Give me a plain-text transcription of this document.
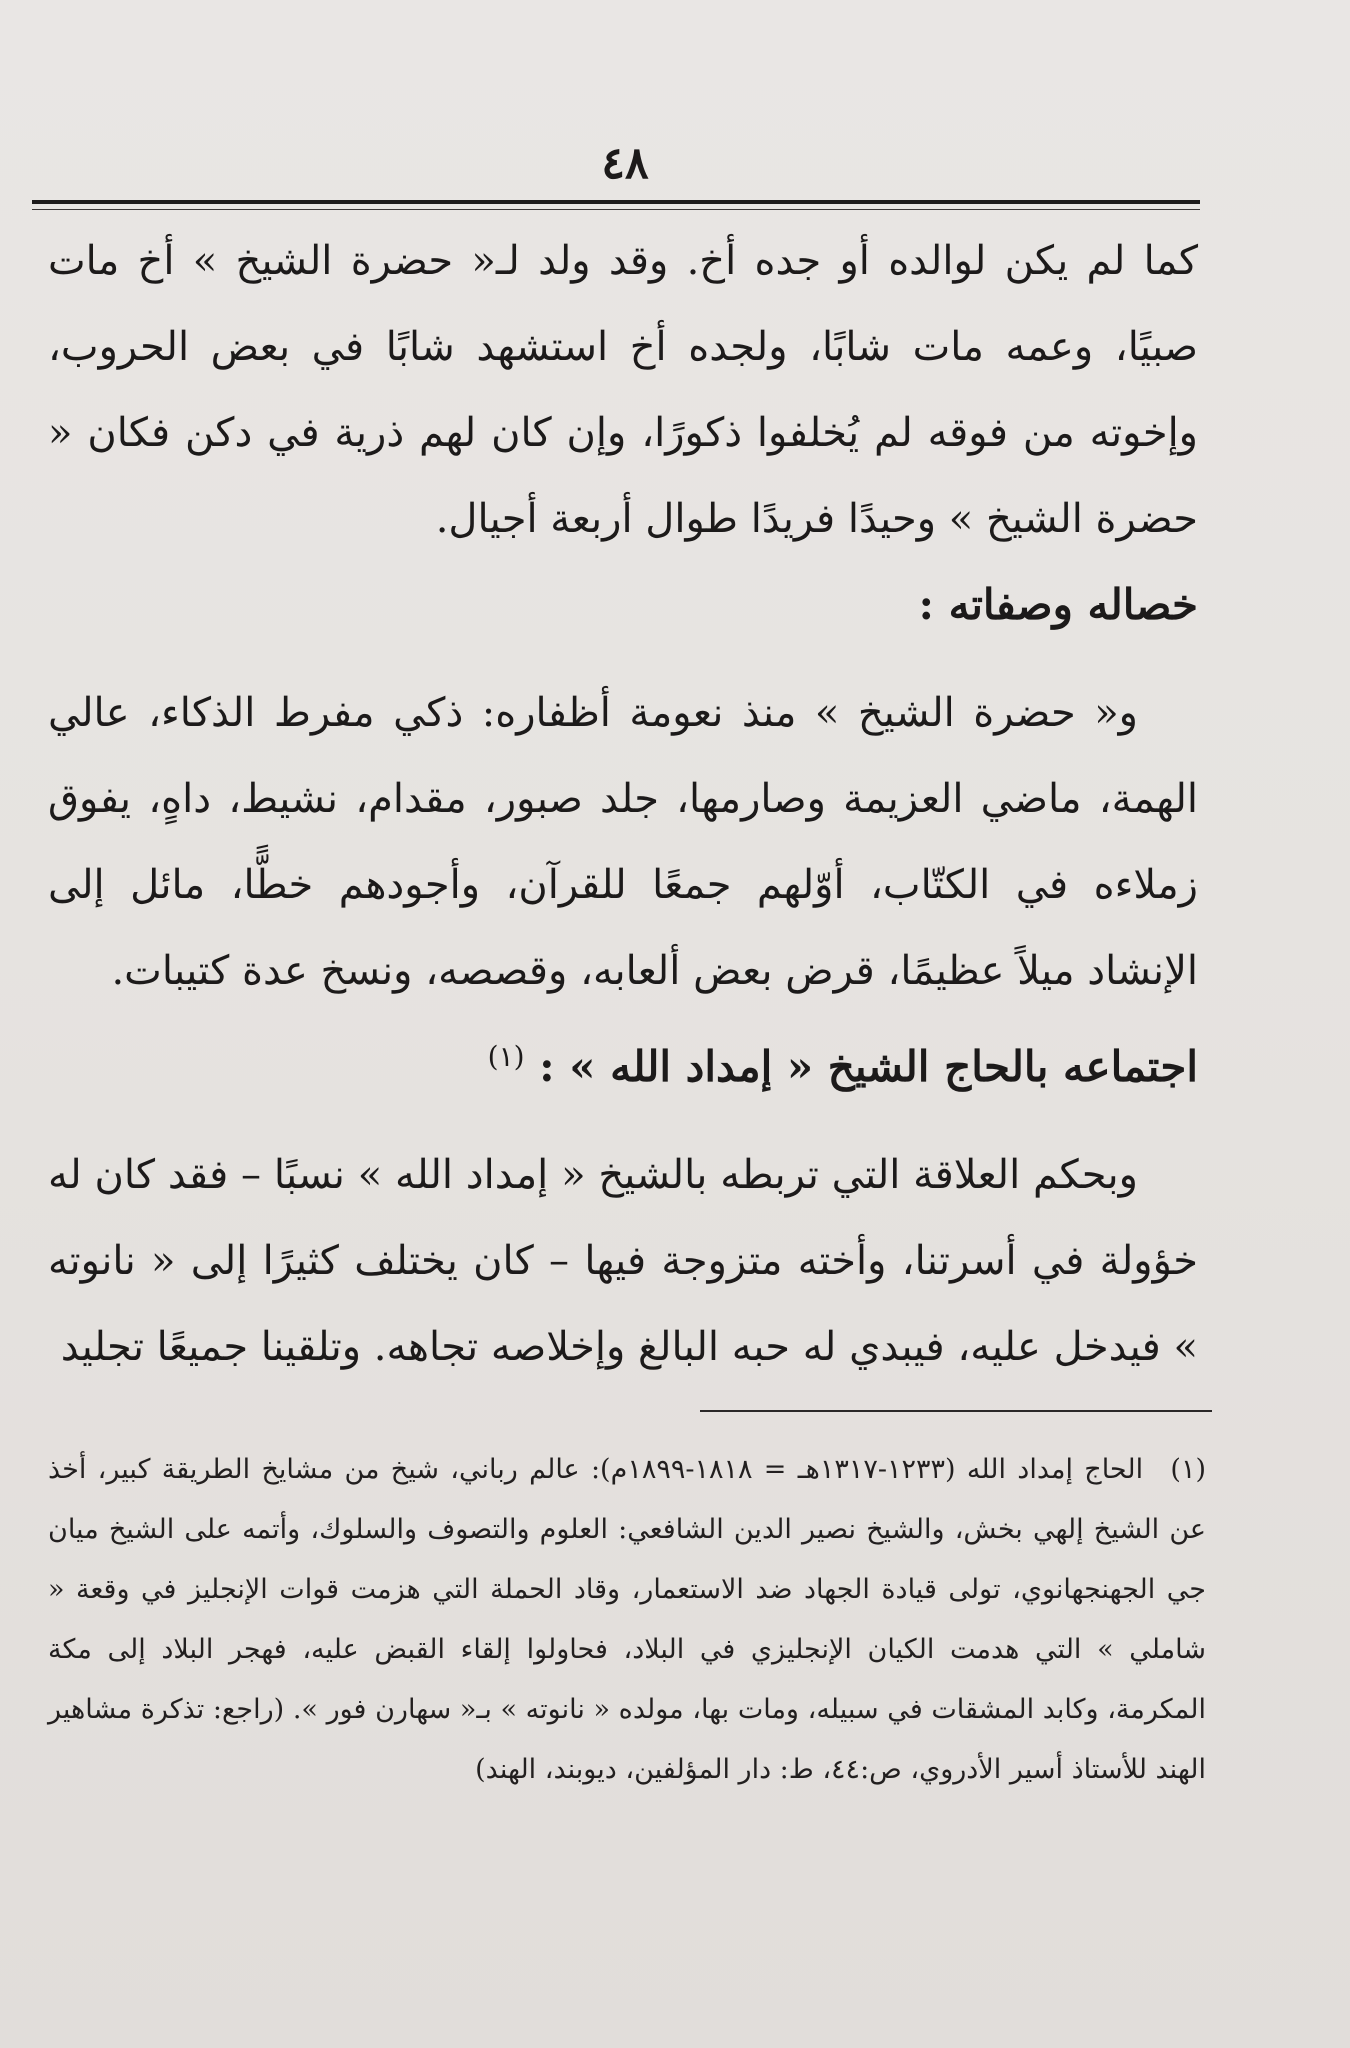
٤٨

كما لم يكن لوالده أو جده أخ. وقد ولد لـ« حضرة الشيخ » أخ مات صبيًا، وعمه مات شابًا، ولجده أخ استشهد شابًا في بعض الحروب، وإخوته من فوقه لم يُخلفوا ذكورًا، وإن كان لهم ذرية في دكن فكان « حضرة الشيخ » وحيدًا فريدًا طوال أربعة أجيال.

خصاله وصفاته :

و« حضرة الشيخ » منذ نعومة أظفاره: ذكي مفرط الذكاء، عالي الهمة، ماضي العزيمة وصارمها، جلد صبور، مقدام، نشيط، داهٍ، يفوق زملاءه في الكتّاب، أوّلهم جمعًا للقرآن، وأجودهم خطًّا، مائل إلى الإنشاد ميلاً عظيمًا، قرض بعض ألعابه، وقصصه، ونسخ عدة كتيبات.

اجتماعه بالحاج الشيخ « إمداد الله » : $^{(١)}$

وبحكم العلاقة التي تربطه بالشيخ « إمداد الله » نسبًا – فقد كان له خؤولة في أسرتنا، وأخته متزوجة فيها – كان يختلف كثيرًا إلى « نانوته » فيدخل عليه، فيبدي له حبه البالغ وإخلاصه تجاهه. وتلقينا جميعًا تجليد

(١) الحاج إمداد الله (١٢٣٣-١٣١٧هـ = ١٨١٨-١٨٩٩م): عالم رباني، شيخ من مشايخ الطريقة كبير، أخذ عن الشيخ إلهي بخش، والشيخ نصير الدين الشافعي: العلوم والتصوف والسلوك، وأتمه على الشيخ ميان جي الجهنجهانوي، تولى قيادة الجهاد ضد الاستعمار، وقاد الحملة التي هزمت قوات الإنجليز في وقعة « شاملي » التي هدمت الكيان الإنجليزي في البلاد، فحاولوا إلقاء القبض عليه، فهجر البلاد إلى مكة المكرمة، وكابد المشقات في سبيله، ومات بها، مولده « نانوته » بـ« سهارن فور ». (راجع: تذكرة مشاهير الهند للأستاذ أسير الأدروي، ص:٤٤، ط: دار المؤلفين، ديوبند، الهند)
